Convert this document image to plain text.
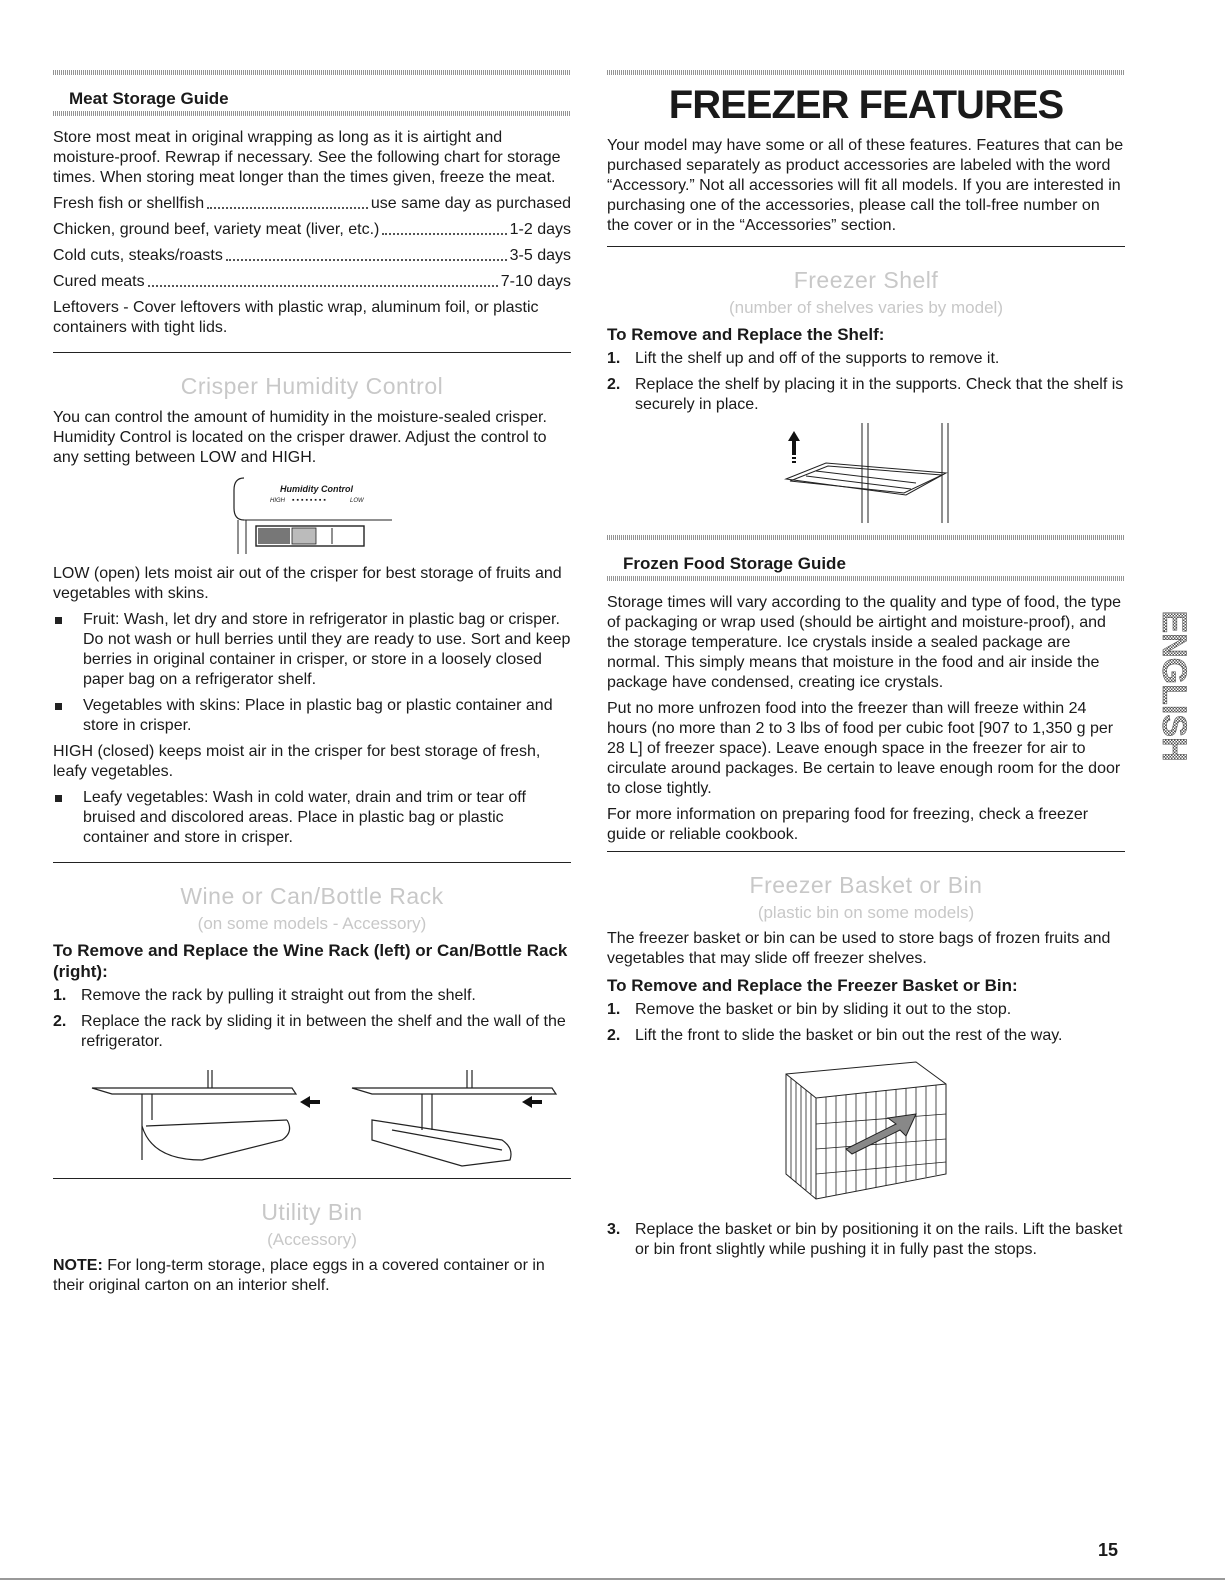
Meat Storage Guide

Store most meat in original wrapping as long as it is airtight and moisture-proof. Rewrap if necessary. See the following chart for storage times. When storing meat longer than the times given, freeze the meat.

Fresh fish or shellfish	use same day as purchased
Chicken, ground beef, variety meat (liver, etc.)	1-2 days
Cold cuts, steaks/roasts	3-5 days
Cured meats	7-10 days

Leftovers - Cover leftovers with plastic wrap, aluminum foil, or plastic containers with tight lids.

Crisper Humidity Control

You can control the amount of humidity in the moisture-sealed crisper. Humidity Control is located on the crisper drawer. Adjust the control to any setting between LOW and HIGH.

Humidity Control
HIGH ▪▪▪▪▪▪▪▪	LOW

LOW (open) lets moist air out of the crisper for best storage of fruits and vegetables with skins.

Fruit: Wash, let dry and store in refrigerator in plastic bag or crisper. Do not wash or hull berries until they are ready to use. Sort and keep berries in original container in crisper, or store in a loosely closed paper bag on a refrigerator shelf.
Vegetables with skins: Place in plastic bag or plastic container and store in crisper.

HIGH (closed) keeps moist air in the crisper for best storage of fresh, leafy vegetables.

Leafy vegetables: Wash in cold water, drain and trim or tear off bruised and discolored areas. Place in plastic bag or plastic container and store in crisper.
Wine or Can/Bottle Rack
(on some models - Accessory)
To Remove and Replace the Wine Rack (left) or Can/Bottle Rack (right):
1. Remove the rack by pulling it straight out from the shelf.
2. Replace the rack by sliding it in between the shelf and the wall of the refrigerator.
Utility Bin
(Accessory)

NOTE: For long-term storage, place eggs in a covered container or in their original carton on an interior shelf.

FREEZER FEATURES

Your model may have some or all of these features. Features that can be purchased separately as product accessories are labeled with the word “Accessory.” Not all accessories will fit all models. If you are interested in purchasing one of the accessories, please call the toll-free number on the cover or in the “Accessories” section.

Freezer Shelf
(number of shelves varies by model)
To Remove and Replace the Shelf:
1. Lift the shelf up and off of the supports to remove it.
2. Replace the shelf by placing it in the supports. Check that the shelf is securely in place.
Frozen Food Storage Guide

Storage times will vary according to the quality and type of food, the type of packaging or wrap used (should be airtight and moisture-proof), and the storage temperature. Ice crystals inside a sealed package are normal. This simply means that moisture in the food and air inside the package have condensed, creating ice crystals.

Put no more unfrozen food into the freezer than will freeze within 24 hours (no more than 2 to 3 lbs of food per cubic foot [907 to 1,350 g per 28 L] of freezer space). Leave enough space in the freezer for air to circulate around packages. Be certain to leave enough room for the door to close tightly.

For more information on preparing food for freezing, check a freezer guide or reliable cookbook.

Freezer Basket or Bin
(plastic bin on some models)

The freezer basket or bin can be used to store bags of frozen fruits and vegetables that may slide off freezer shelves.

To Remove and Replace the Freezer Basket or Bin:
1. Remove the basket or bin by sliding it out to the stop.
2. Lift the front to slide the basket or bin out the rest of the way.
3. Replace the basket or bin by positioning it on the rails. Lift the basket or bin front slightly while pushing it in fully past the stops.
ENGLISH
15
